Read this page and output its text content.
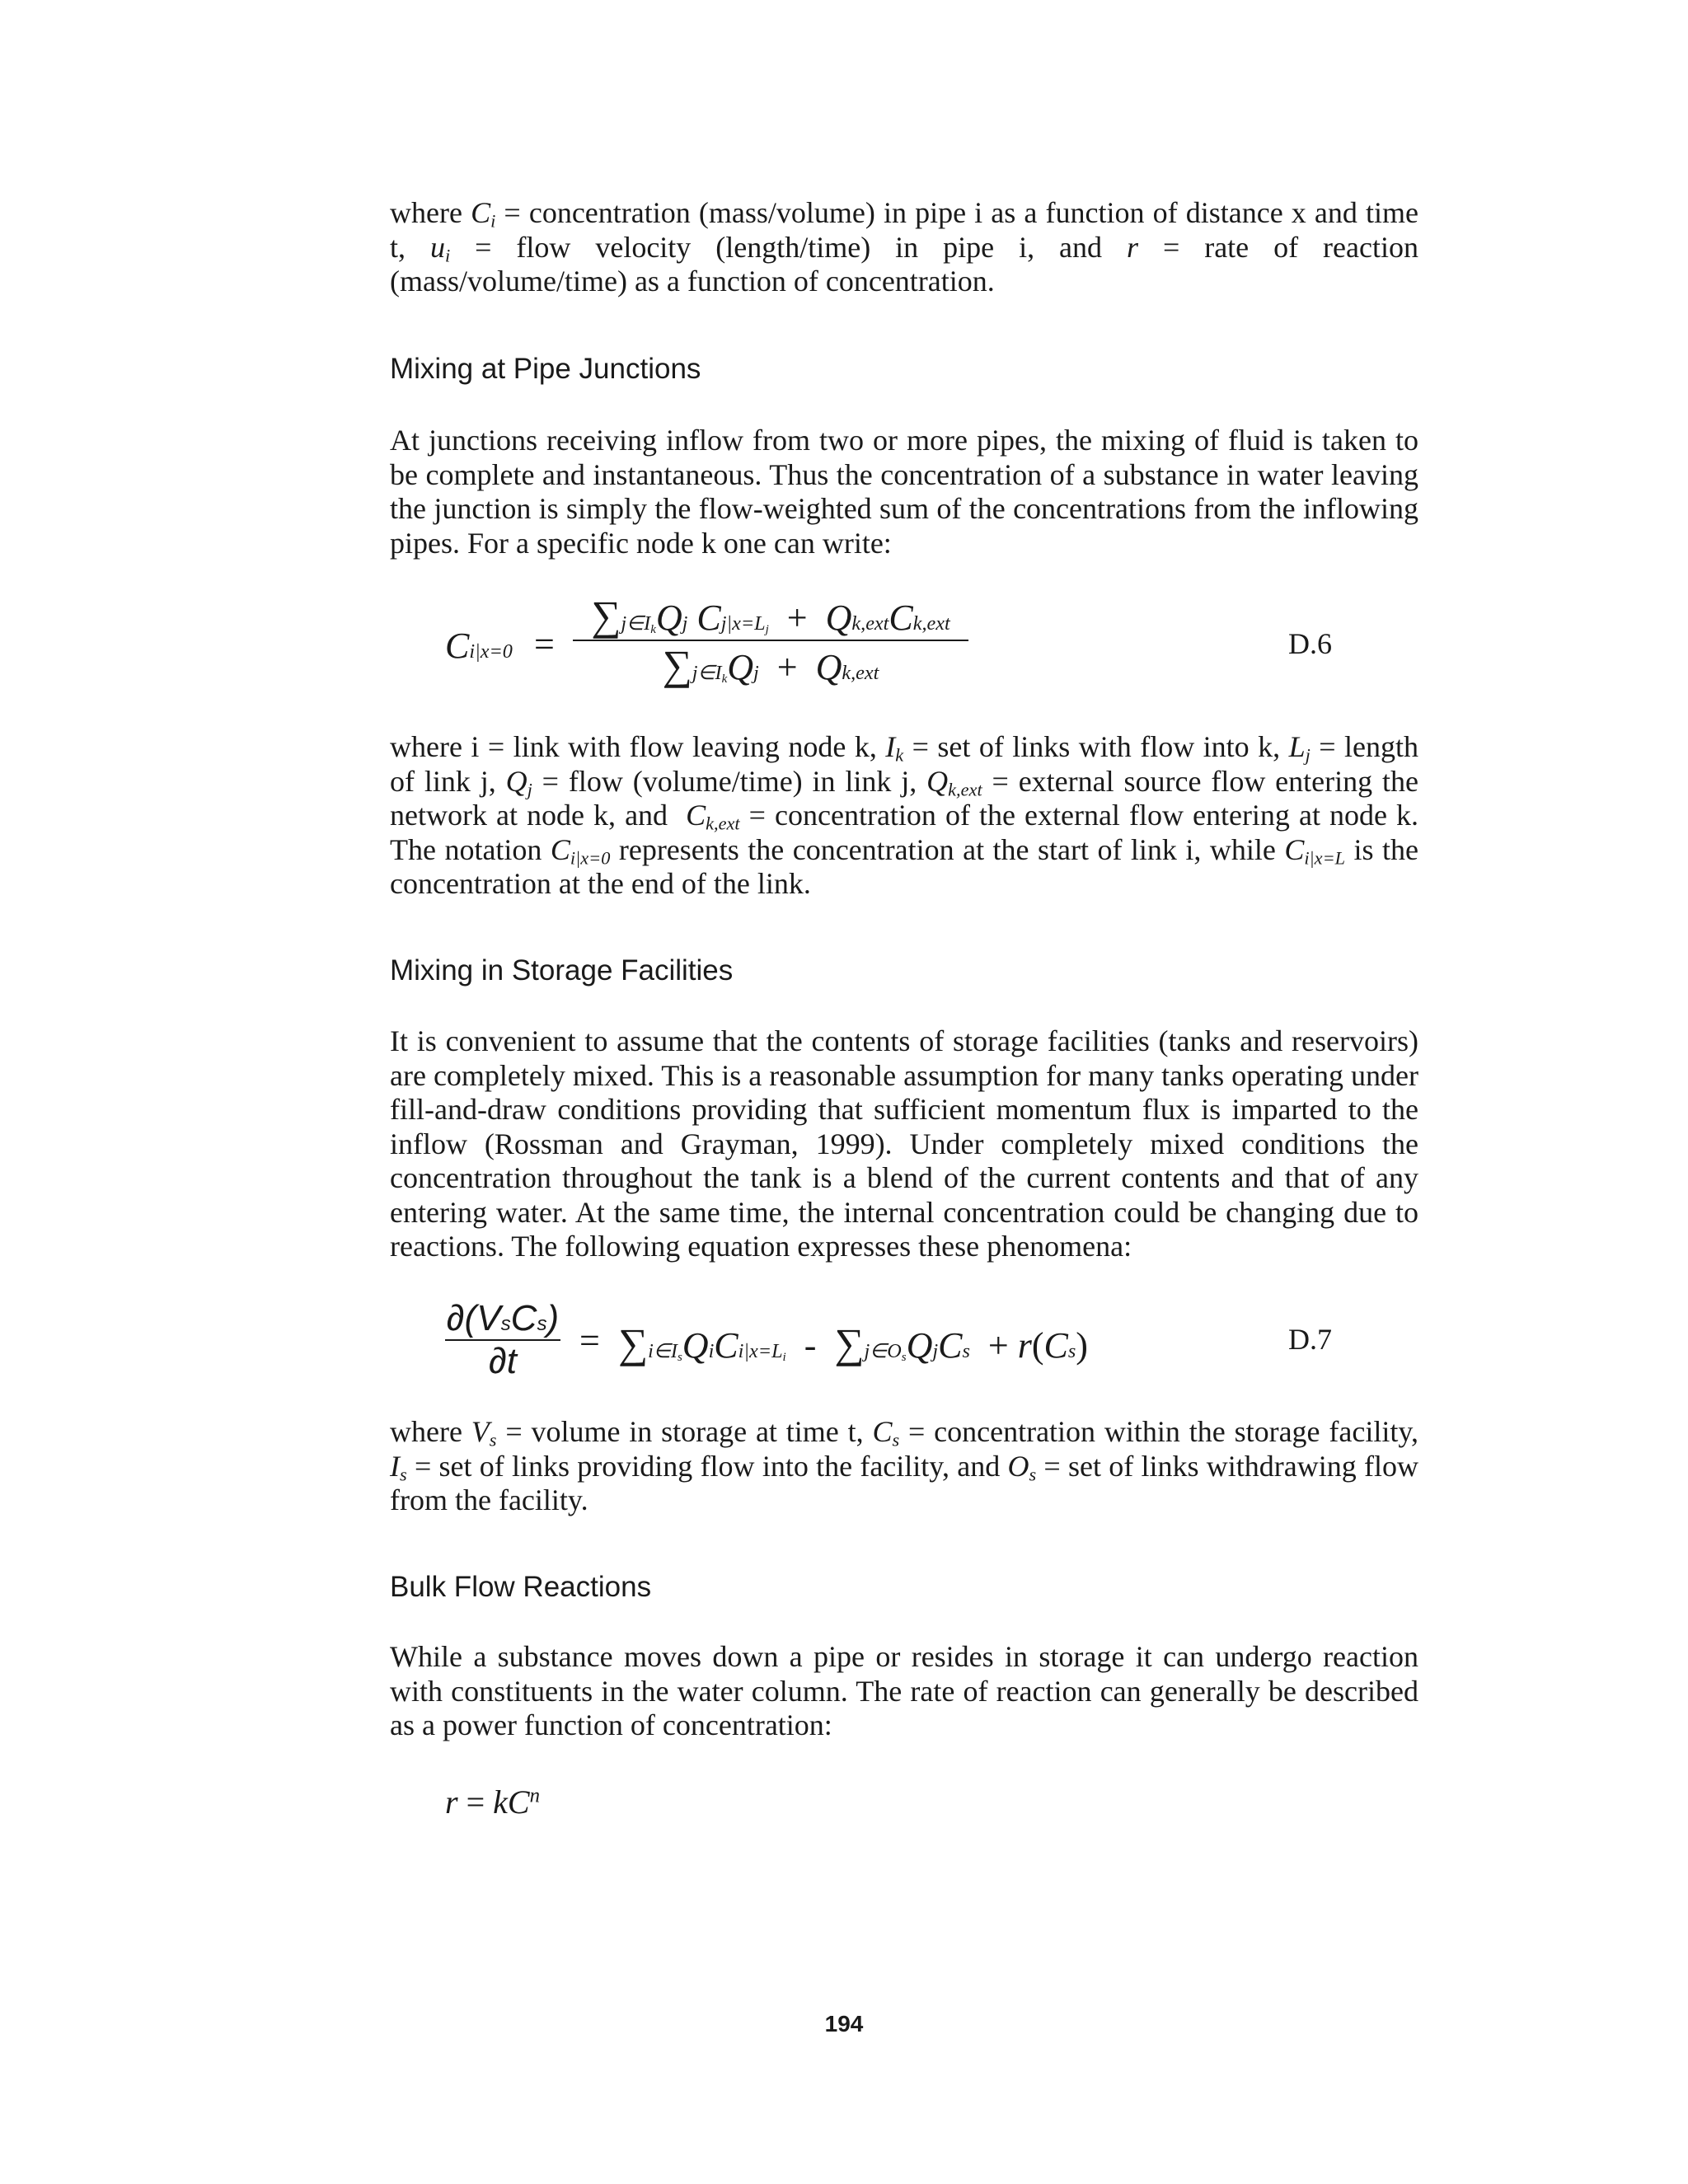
where $C_i$ = concentration (mass/volume) in pipe i as a function of distance x and time t, $u_i$ = flow velocity (length/time) in pipe i, and r = rate of reaction (mass/volume/time) as a function of concentration.

Mixing at Pipe Junctions

At junctions receiving inflow from two or more pipes, the mixing of fluid is taken to be complete and instantaneous. Thus the concentration of a substance in water leaving the junction is simply the flow-weighted sum of the concentrations from the inflowing pipes. For a specific node k one can write:

Ci|x=0 =
$\sum j\in I_kQj$ $Cj|x=L_j$  +  Qk,extCk,ext
$\sum j\in I_kQj + Qk,ext$
D.6

where i = link with flow leaving node k, $I_k$ = set of links with flow into k, $L_j$ = length of link j, $Q_j$ = flow (volume/time) in link j, $Q_{k,ext}$ = external source flow entering the network at node k, and  $C_{k,ext}$ = concentration of the external flow entering at node k. The notation $C_{i|x=0}$ represents the concentration at the start of link i, while $C_{i|x=L}$ is the concentration at the end of the link.

Mixing in Storage Facilities

It is convenient to assume that the contents of storage facilities (tanks and reservoirs) are completely mixed. This is a reasonable assumption for many tanks operating under fill-and-draw conditions providing that sufficient momentum flux is imparted to the inflow (Rossman and Grayman, 1999). Under completely mixed conditions the concentration throughout the tank is a blend of the current contents and that of any entering water. At the same time, the internal concentration could be changing due to reactions. The following equation expresses these phenomena:

∂(VsCs)
∂t
= $\sum i\in I_sQiCi|x=L_i$  -  $\sum j\in O_sQjCs + r(Cs)$	D.7

where $V_s$ = volume in storage at time t, $C_s$ = concentration within the storage facility, $I_s$ = set of links providing flow into the facility, and $O_s$ = set of links withdrawing flow from the facility.

Bulk Flow Reactions

While a substance moves down a pipe or resides in storage it can undergo reaction with constituents in the water column. The rate of reaction can generally be described as a power function of concentration:

$r = kC^n$
194
